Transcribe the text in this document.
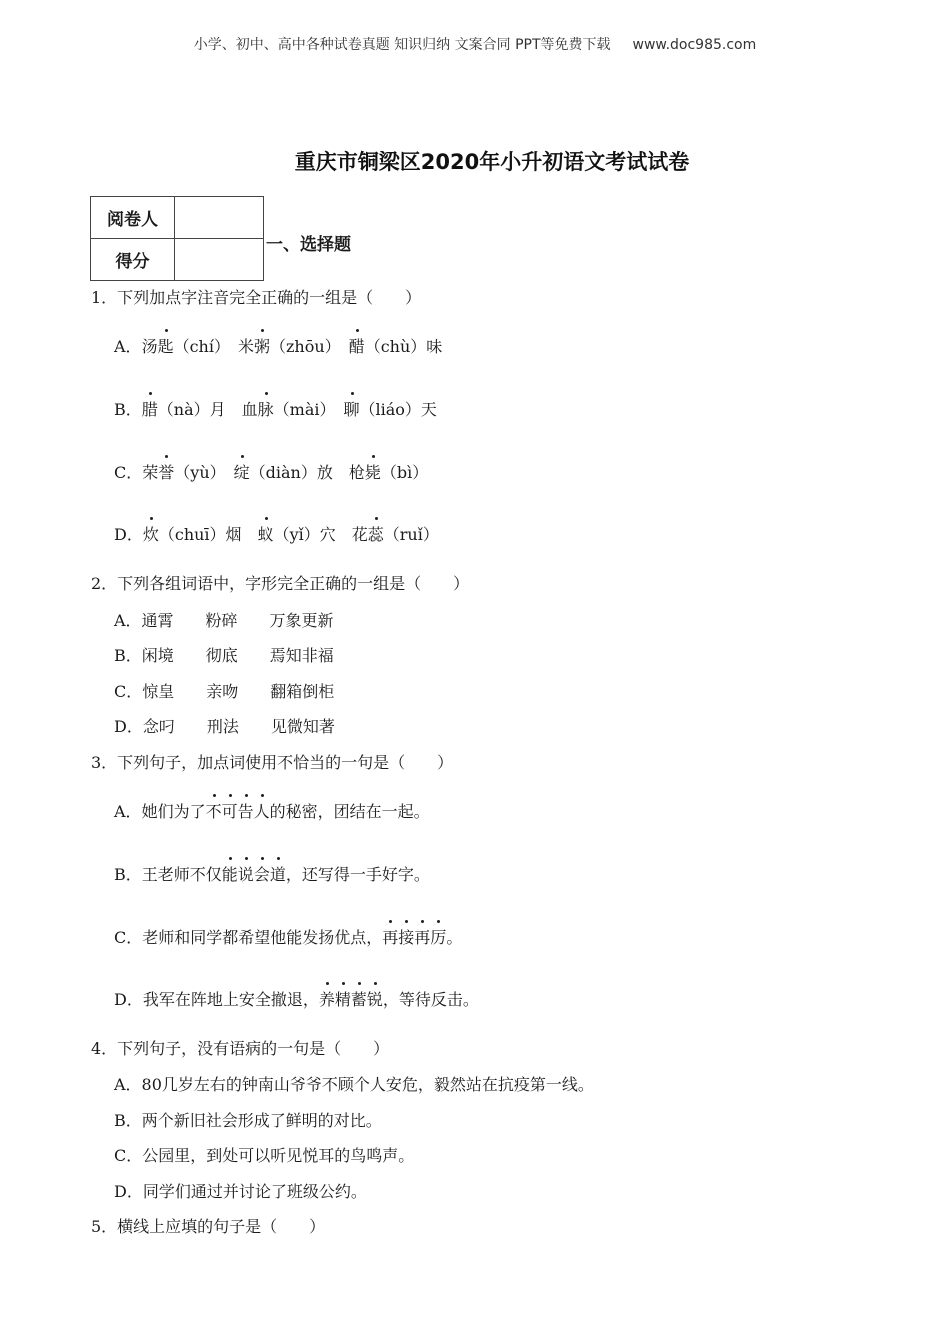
小学、初中、高中各种试卷真题 知识归纳 文案合同 PPT等免费下载 www.doc985.com
重庆市铜梁区2020年小升初语文考试试卷
阅卷人	
得分	
一、选择题
1．下列加点字注音完全正确的一组是（　　）
A．汤匙（chí）　米粥（zhōu）　醋（chù）味
B．腊（nà）月　血脉（mài）　聊（liáo）天
C．荣誉（yù）　绽（diàn）放　枪毙（bì）
D．炊（chuī）烟　蚁（yǐ）穴　花蕊（ruǐ）
2．下列各组词语中，字形完全正确的一组是（　　）
A．通霄　　粉碎　　万象更新
B．闲境　　彻底　　焉知非福
C．惊皇　　亲吻　　翻箱倒柜
D．念叼　　刑法　　见微知著
3．下列句子，加点词使用不恰当的一句是（　　）
A．她们为了不可告人的秘密，团结在一起。
B．王老师不仅能说会道，还写得一手好字。
C．老师和同学都希望他能发扬优点，再接再厉。
D．我军在阵地上安全撤退，养精蓄锐，等待反击。
4．下列句子，没有语病的一句是（　　）
A．80几岁左右的钟南山爷爷不顾个人安危，毅然站在抗疫第一线。
B．两个新旧社会形成了鲜明的对比。
C．公园里，到处可以听见悦耳的鸟鸣声。
D．同学们通过并讨论了班级公约。
5．横线上应填的句子是（　　）
